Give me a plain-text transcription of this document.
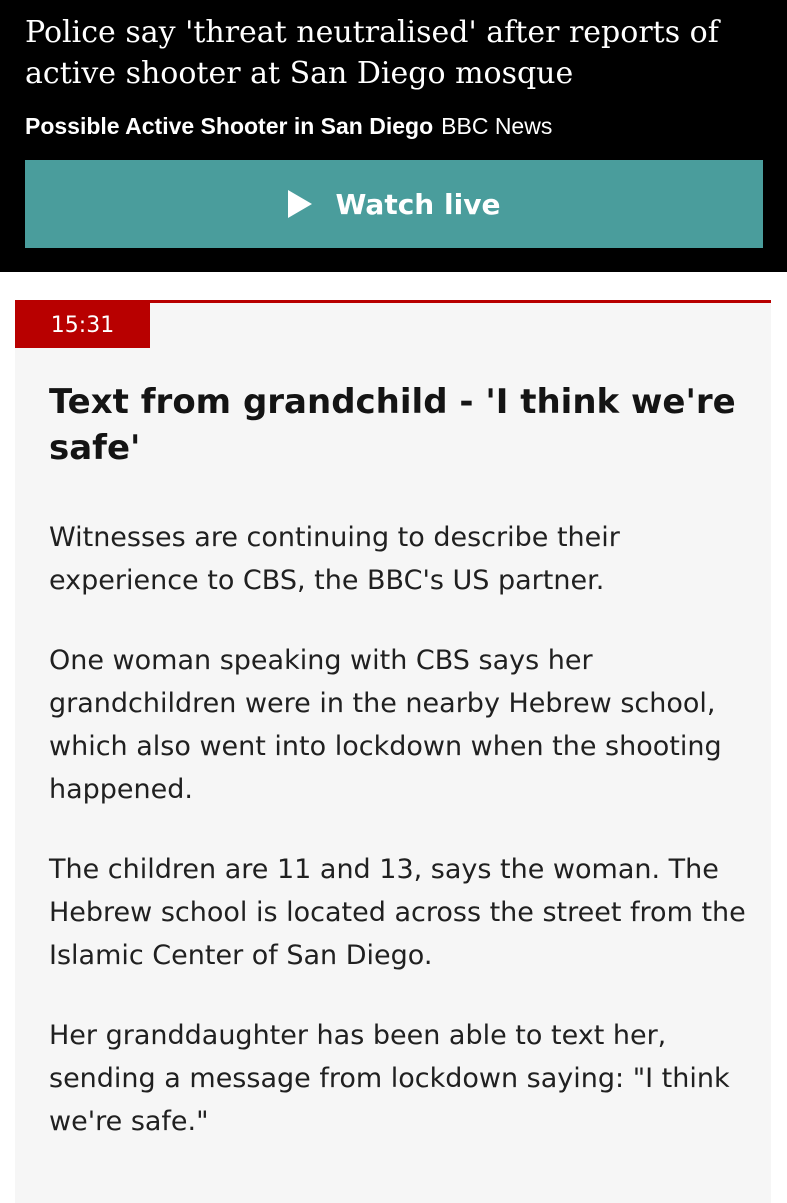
Police say 'threat neutralised' after reports of active shooter at San Diego mosque
Possible Active Shooter in San Diego BBC News
Watch live
15:31
Text from grandchild - 'I think we're safe'

Witnesses are continuing to describe their experience to CBS, the BBC's US partner.

One woman speaking with CBS says her grandchildren were in the nearby Hebrew school, which also went into lockdown when the shooting happened.

The children are 11 and 13, says the woman. The Hebrew school is located across the street from the Islamic Center of San Diego.

Her granddaughter has been able to text her, sending a message from lockdown saying: "I think we're safe."
